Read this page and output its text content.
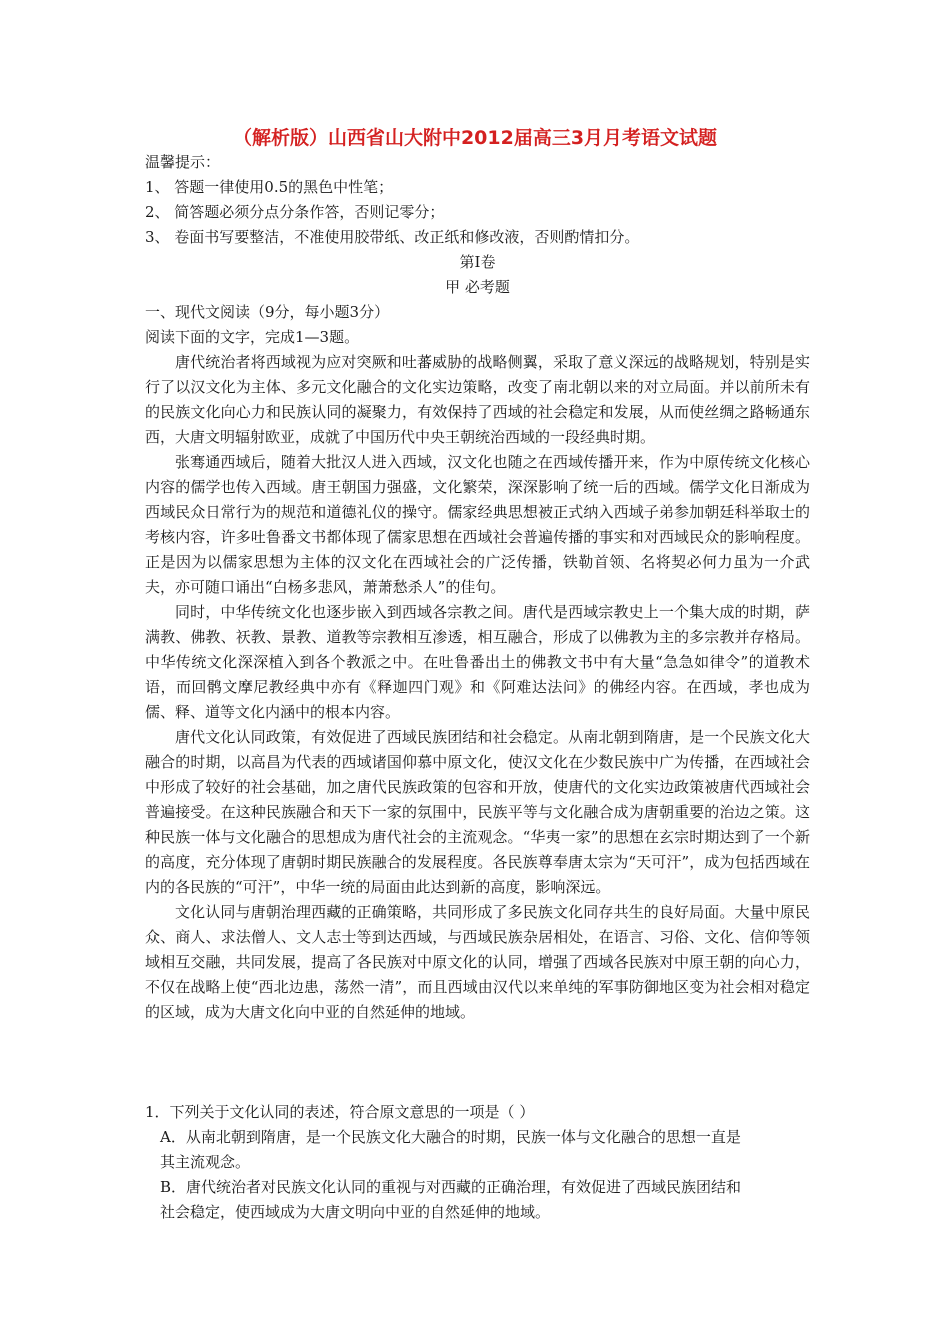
（解析版）山西省山大附中2012届高三3月月考语文试题
温馨提示：
1、 答题一律使用0.5的黑色中性笔；
2、 简答题必须分点分条作答，否则记零分；
3、 卷面书写要整洁，不准使用胶带纸、改正纸和修改液，否则酌情扣分。
第Ⅰ卷
甲 必考题
一、现代文阅读（9分，每小题3分）
阅读下面的文字，完成1—3题。
唐代统治者将西域视为应对突厥和吐蕃威胁的战略侧翼，采取了意义深远的战略规划，特别是实行了以汉文化为主体、多元文化融合的文化实边策略，改变了南北朝以来的对立局面。并以前所未有的民族文化向心力和民族认同的凝聚力，有效保持了西域的社会稳定和发展，从而使丝绸之路畅通东西，大唐文明辐射欧亚，成就了中国历代中央王朝统治西域的一段经典时期。
张骞通西域后，随着大批汉人进入西域，汉文化也随之在西域传播开来，作为中原传统文化核心内容的儒学也传入西域。唐王朝国力强盛，文化繁荣，深深影响了统一后的西域。儒学文化日渐成为西域民众日常行为的规范和道德礼仪的操守。儒家经典思想被正式纳入西域子弟参加朝廷科举取士的考核内容，许多吐鲁番文书都体现了儒家思想在西域社会普遍传播的事实和对西域民众的影响程度。正是因为以儒家思想为主体的汉文化在西域社会的广泛传播，铁勒首领、名将契必何力虽为一介武夫，亦可随口诵出“白杨多悲风，萧萧愁杀人”的佳句。
同时，中华传统文化也逐步嵌入到西域各宗教之间。唐代是西域宗教史上一个集大成的时期，萨满教、佛教、祆教、景教、道教等宗教相互渗透，相互融合，形成了以佛教为主的多宗教并存格局。中华传统文化深深植入到各个教派之中。在吐鲁番出土的佛教文书中有大量“急急如律令”的道教术语，而回鹘文摩尼教经典中亦有《释迦四门观》和《阿难达法问》的佛经内容。在西域，孝也成为儒、释、道等文化内涵中的根本内容。
唐代文化认同政策，有效促进了西域民族团结和社会稳定。从南北朝到隋唐，是一个民族文化大融合的时期，以高昌为代表的西域诸国仰慕中原文化，使汉文化在少数民族中广为传播，在西域社会中形成了较好的社会基础，加之唐代民族政策的包容和开放，使唐代的文化实边政策被唐代西域社会普遍接受。在这种民族融合和天下一家的氛围中，民族平等与文化融合成为唐朝重要的治边之策。这种民族一体与文化融合的思想成为唐代社会的主流观念。“华夷一家”的思想在玄宗时期达到了一个新的高度，充分体现了唐朝时期民族融合的发展程度。各民族尊奉唐太宗为“天可汗”，成为包括西域在内的各民族的“可汗”，中华一统的局面由此达到新的高度，影响深远。
文化认同与唐朝治理西藏的正确策略，共同形成了多民族文化同存共生的良好局面。大量中原民众、商人、求法僧人、文人志士等到达西域，与西域民族杂居相处，在语言、习俗、文化、信仰等领域相互交融，共同发展，提高了各民族对中原文化的认同，增强了西域各民族对中原王朝的向心力，不仅在战略上使“西北边患，荡然一清”，而且西域由汉代以来单纯的军事防御地区变为社会相对稳定的区域，成为大唐文化向中亚的自然延伸的地域。
1．下列关于文化认同的表述，符合原文意思的一项是（ ）
A．从南北朝到隋唐，是一个民族文化大融合的时期，民族一体与文化融合的思想一直是
其主流观念。
B．唐代统治者对民族文化认同的重视与对西藏的正确治理，有效促进了西域民族团结和
社会稳定，使西域成为大唐文明向中亚的自然延伸的地域。
